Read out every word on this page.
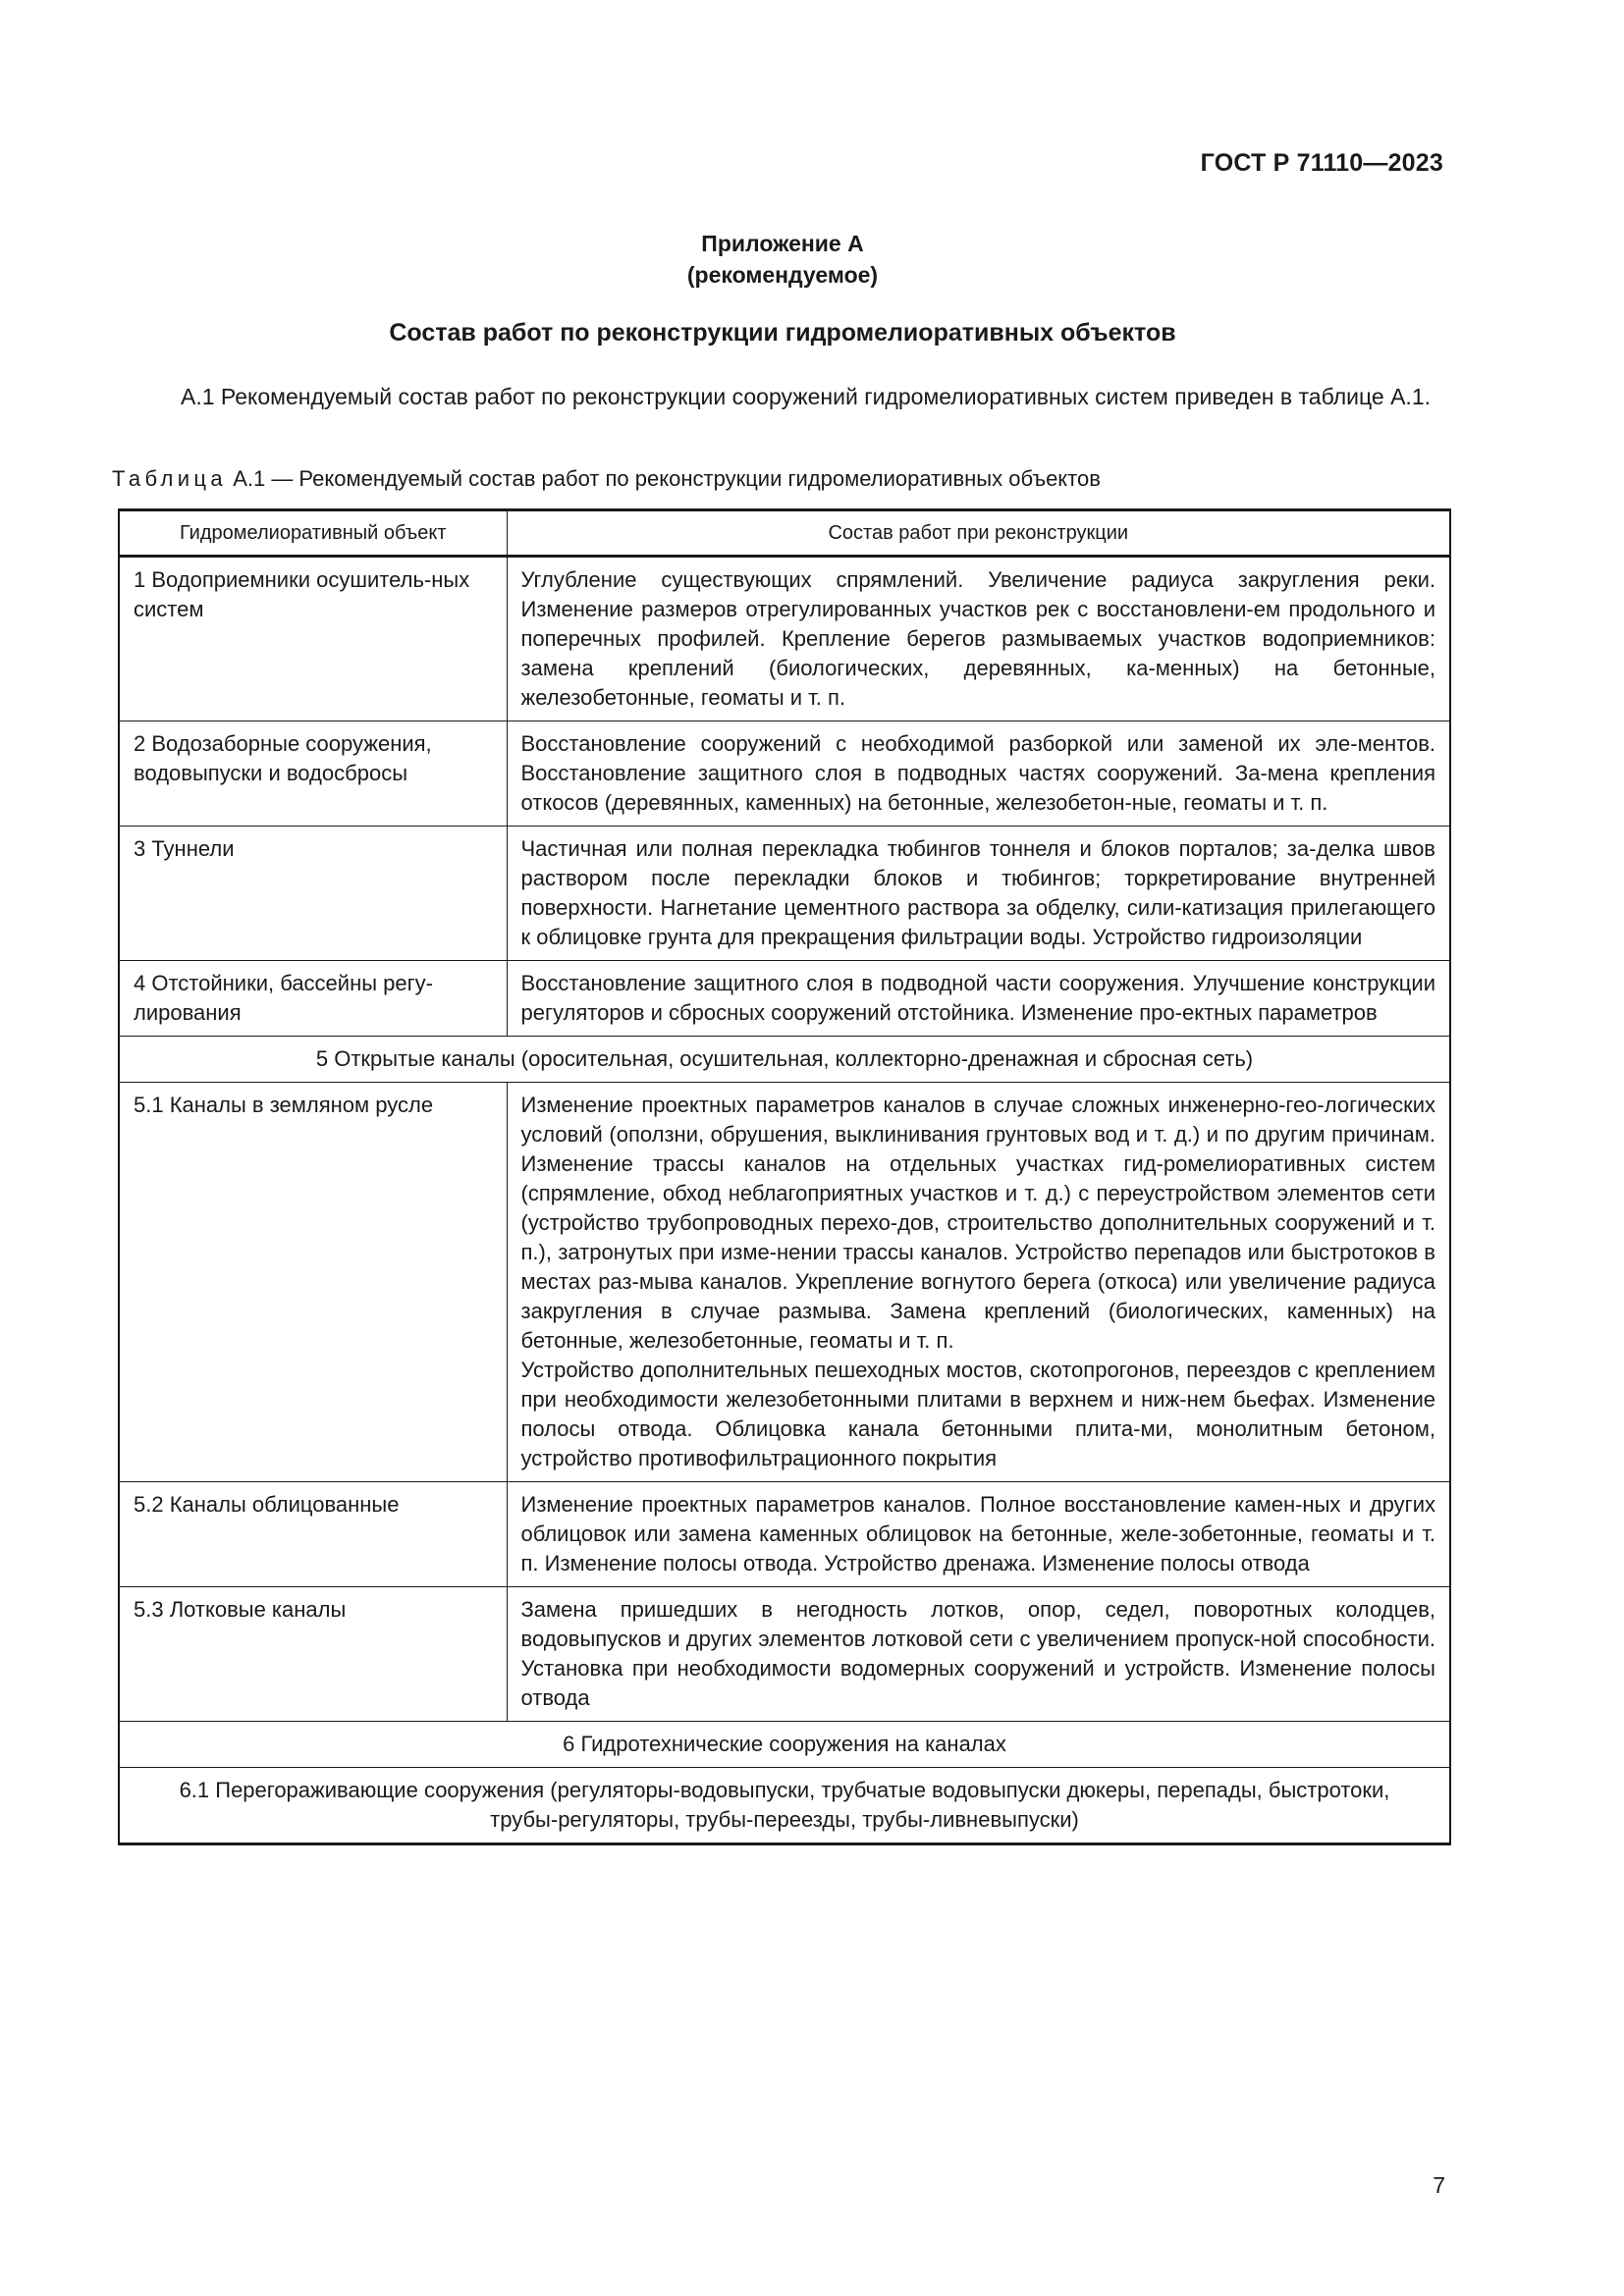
ГОСТ Р 71110—2023
Приложение А
(рекомендуемое)
Состав работ по реконструкции гидромелиоративных объектов
А.1 Рекомендуемый состав работ по реконструкции сооружений гидромелиоративных систем приведен в таблице А.1.
Таблица А.1 — Рекомендуемый состав работ по реконструкции гидромелиоративных объектов
Гидромелиоративный объект	Состав работ при реконструкции
1 Водоприемники осушитель-ных систем	Углубление существующих спрямлений. Увеличение радиуса закругления реки. Изменение размеров отрегулированных участков рек с восстановлени-ем продольного и поперечных профилей. Крепление берегов размываемых участков водоприемников: замена креплений (биологических, деревянных, ка-менных) на бетонные, железобетонные, геоматы и т. п.
2 Водозаборные сооружения, водовыпуски и водосбросы	Восстановление сооружений с необходимой разборкой или заменой их эле-ментов. Восстановление защитного слоя в подводных частях сооружений. За-мена крепления откосов (деревянных, каменных) на бетонные, железобетон-ные, геоматы и т. п.
3 Туннели	Частичная или полная перекладка тюбингов тоннеля и блоков порталов; за-делка швов раствором после перекладки блоков и тюбингов; торкретирование внутренней поверхности. Нагнетание цементного раствора за обделку, сили-катизация прилегающего к облицовке грунта для прекращения фильтрации воды. Устройство гидроизоляции
4 Отстойники, бассейны регу-лирования	Восстановление защитного слоя в подводной части сооружения. Улучшение конструкции регуляторов и сбросных сооружений отстойника. Изменение про-ектных параметров
5 Открытые каналы (оросительная, осушительная, коллекторно-дренажная и сбросная сеть)	
5.1 Каналы в земляном русле	Изменение проектных параметров каналов в случае сложных инженерно-гео-логических условий (оползни, обрушения, выклинивания грунтовых вод и т. д.) и по другим причинам. Изменение трассы каналов на отдельных участках гид-ромелиоративных систем (спрямление, обход неблагоприятных участков и т. д.) с переустройством элементов сети (устройство трубопроводных перехо-дов, строительство дополнительных сооружений и т. п.), затронутых при изме-нении трассы каналов. Устройство перепадов или быстротоков в местах раз-мыва каналов. Укрепление вогнутого берега (откоса) или увеличение радиуса закругления в случае размыва. Замена креплений (биологических, каменных) на бетонные, железобетонные, геоматы и т. п.
Устройство дополнительных пешеходных мостов, скотопрогонов, переездов с креплением при необходимости железобетонными плитами в верхнем и ниж-нем бьефах. Изменение полосы отвода. Облицовка канала бетонными плита-ми, монолитным бетоном, устройство противофильтрационного покрытия

5.2 Каналы облицованные	Изменение проектных параметров каналов. Полное восстановление камен-ных и других облицовок или замена каменных облицовок на бетонные, желе-зобетонные, геоматы и т. п. Изменение полосы отвода. Устройство дренажа. Изменение полосы отвода
5.3 Лотковые каналы	Замена пришедших в негодность лотков, опор, седел, поворотных колодцев, водовыпусков и других элементов лотковой сети с увеличением пропуск-ной способности. Установка при необходимости водомерных сооружений и устройств. Изменение полосы отвода
6 Гидротехнические сооружения на каналах	
6.1 Перегораживающие сооружения (регуляторы-водовыпуски, трубчатые водовыпуски дюкеры, перепады, быстротоки, трубы-регуляторы, трубы-переезды, трубы-ливневыпуски)	
7
